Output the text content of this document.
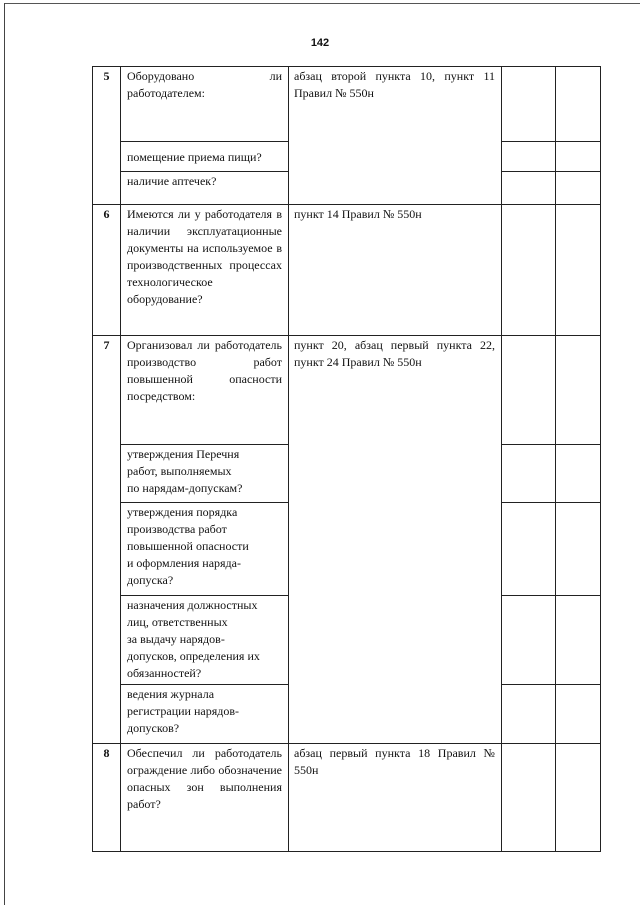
142
5	Оборудовано              ли
работодателем:	абзац второй пункта 10, пункт 11 Правил № 550н		
	помещение приема пищи?			
	наличие аптечек?			
6	Имеются ли у работодателя в наличии эксплуатационные документы на используемое в производственных процессах технологическое оборудование?	пункт 14 Правил № 550н		
7	Организовал ли работодатель производство работ повышенной опасности посредством:	пункт 20, абзац первый пункта 22, пункт 24 Правил № 550н		
	утверждения Перечня
работ, выполняемых
по нарядам-допускам?			
	утверждения порядка
производства работ
повышенной опасности
и оформления наряда-
допуска?			
	назначения должностных
лиц, ответственных
за выдачу нарядов-
допусков, определения их
обязанностей?			
	ведения журнала
регистрации нарядов-
допусков?			
8	Обеспечил ли работодатель ограждение либо обозначение опасных зон выполнения работ?	абзац первый пункта 18 Правил № 550н		
